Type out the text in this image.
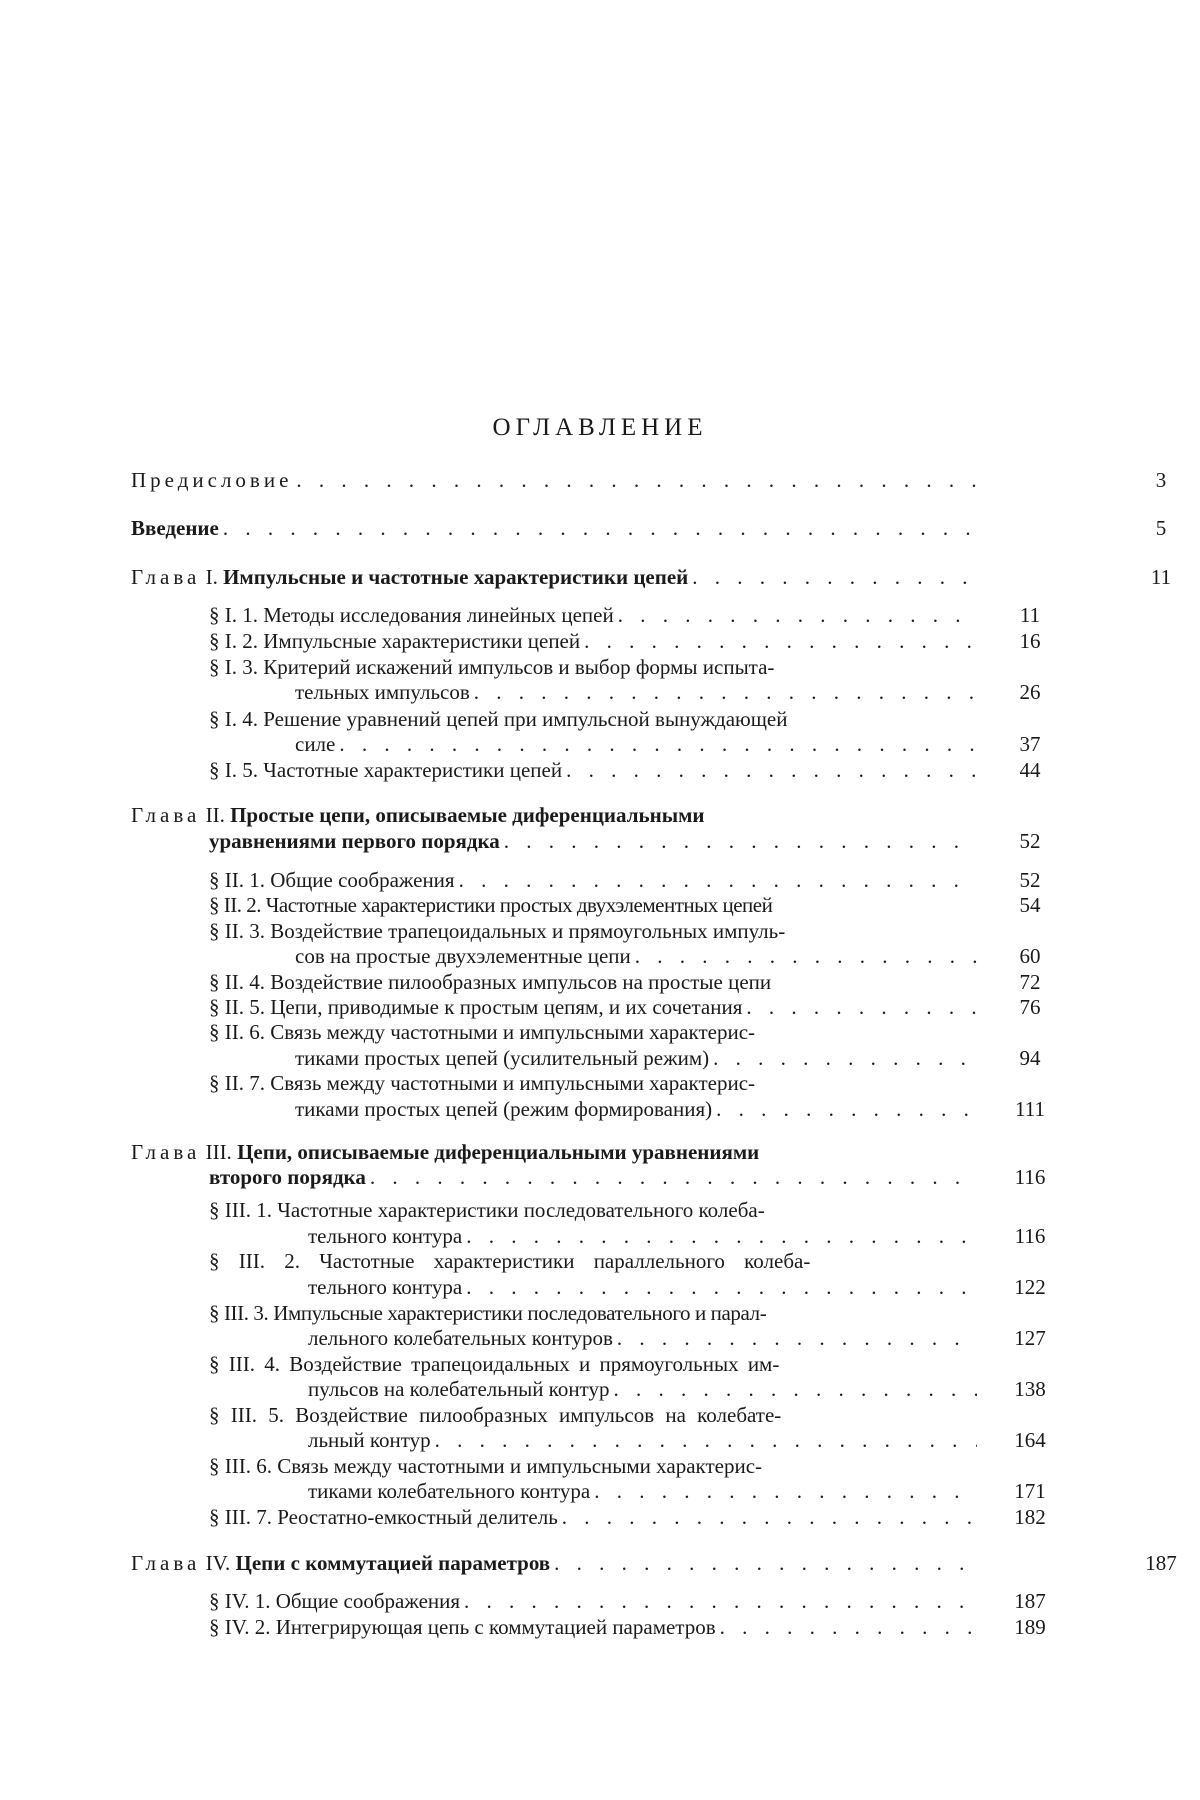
ОГЛАВЛЕНИЕ
Предисловие
. . .	3
Введение
. . .	5
Глава I. Импульсные и частотные характеристики цепей
. . .	11
§ I. 1. Методы исследования линейных цепей
. . .	11
§ I. 2. Импульсные характеристики цепей
. . .	16
§ I. 3. Критерий искажений импульсов и выбор формы испыта-
тельных импульсов
. . .	26
§ I. 4. Решение уравнений цепей при импульсной вынуждающей
силе
. . .	37
§ I. 5. Частотные характеристики цепей
. . .	44
Глава II. Простые цепи, описываемые диференциальными
уравнениями первого порядка
. . .	52
§ II. 1. Общие соображения
. . .	52
§ II. 2. Частотные характеристики простых двухэлементных цепей	54
§ II. 3. Воздействие трапецоидальных и прямоугольных импуль-
сов на простые двухэлементные цепи
. . .	60
§ II. 4. Воздействие пилообразных импульсов на простые цепи	72
§ II. 5. Цепи, приводимые к простым цепям, и их сочетания
. . .	76
§ II. 6. Связь между частотными и импульсными характерис-
тиками простых цепей (усилительный режим)
. . .	94
§ II. 7. Связь между частотными и импульсными характерис-
тиками простых цепей (режим формирования)
. . .	111
Глава III. Цепи, описываемые диференциальными уравнениями
второго порядка
. . .	116
§ III. 1. Частотные характеристики последовательного колеба-
тельного контура
. . .	116
§ III. 2. Частотные характеристики параллельного колеба-
тельного контура
. . .	122
§ III. 3. Импульсные характеристики последовательного и парал-
лельного колебательных контуров
. . .	127
§ III. 4. Воздействие трапецоидальных и прямоугольных им-
пульсов на колебательный контур
. . .	138
§ III. 5. Воздействие пилообразных импульсов на колебате-
льный контур
. . .	164
§ III. 6. Связь между частотными и импульсными характерис-
тиками колебательного контура
. . .	171
§ III. 7. Реостатно-емкостный делитель
. . .	182
Глава IV. Цепи с коммутацией параметров
. . .	187
§ IV. 1. Общие соображения
. . .	187
§ IV. 2. Интегрирующая цепь с коммутацией параметров
. . .	189
